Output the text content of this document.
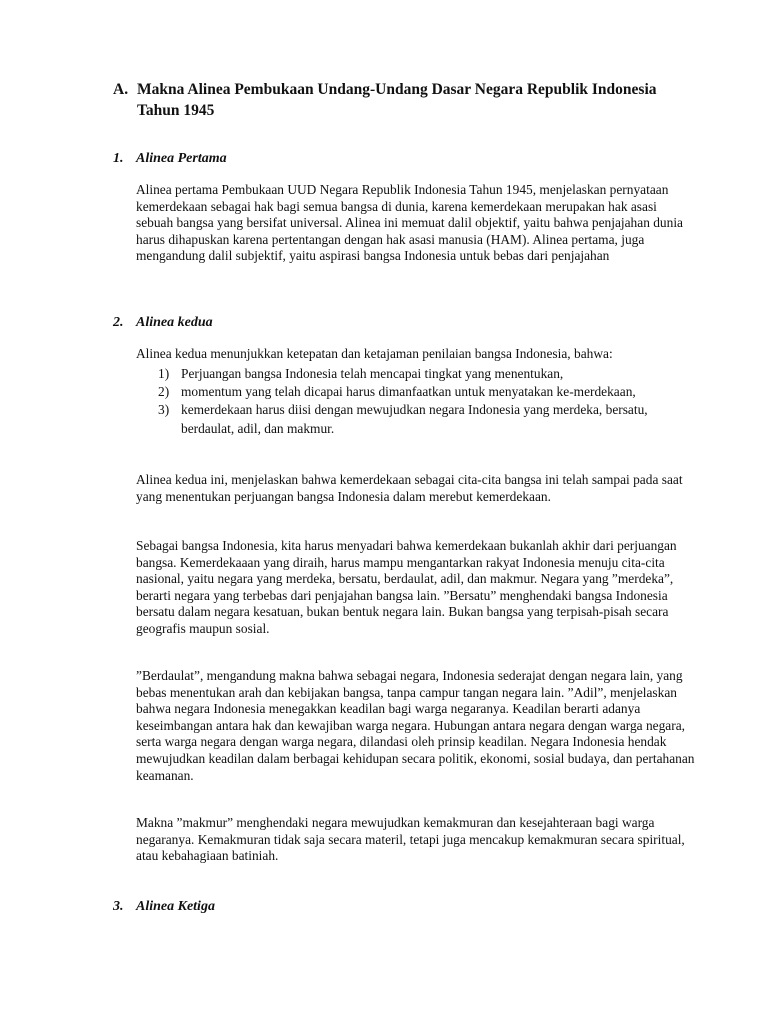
A. Makna Alinea Pembukaan Undang-Undang Dasar Negara Republik Indonesia Tahun 1945
1. Alinea Pertama

Alinea pertama Pembukaan UUD Negara Republik Indonesia Tahun 1945, menjelaskan pernyataan kemerdekaan sebagai hak bagi semua bangsa di dunia, karena kemerdekaan merupakan hak asasi sebuah bangsa yang bersifat universal. Alinea ini memuat dalil objektif, yaitu bahwa penjajahan dunia harus dihapuskan karena pertentangan dengan hak asasi manusia (HAM). Alinea pertama, juga mengandung dalil subjektif, yaitu aspirasi bangsa Indonesia untuk bebas dari penjajahan

2. Alinea kedua

Alinea kedua menunjukkan ketepatan dan ketajaman penilaian bangsa Indonesia, bahwa:

1) Perjuangan bangsa Indonesia telah mencapai tingkat yang menentukan,
2) momentum yang telah dicapai harus dimanfaatkan untuk menyatakan ke-merdekaan,
3) kemerdekaan harus diisi dengan mewujudkan negara Indonesia yang merdeka, bersatu, berdaulat, adil, dan makmur.

Alinea kedua ini, menjelaskan bahwa kemerdekaan sebagai cita-cita bangsa ini telah sampai pada saat yang menentukan perjuangan bangsa Indonesia dalam merebut kemerdekaan.

Sebagai bangsa Indonesia, kita harus menyadari bahwa kemerdekaan bukanlah akhir dari perjuangan bangsa. Kemerdekaaan yang diraih, harus mampu mengantarkan rakyat Indonesia menuju cita-cita nasional, yaitu negara yang merdeka, bersatu, berdaulat, adil, dan makmur. Negara yang ”merdeka”, berarti negara yang terbebas dari penjajahan bangsa lain. ”Bersatu” menghendaki bangsa Indonesia bersatu dalam negara kesatuan, bukan bentuk negara lain. Bukan bangsa yang terpisah-pisah secara geografis maupun sosial.

”Berdaulat”, mengandung makna bahwa sebagai negara, Indonesia sederajat dengan negara lain, yang bebas menentukan arah dan kebijakan bangsa, tanpa campur tangan negara lain. ”Adil”, menjelaskan bahwa negara Indonesia menegakkan keadilan bagi warga negaranya. Keadilan berarti adanya keseimbangan antara hak dan kewajiban warga negara. Hubungan antara negara dengan warga negara, serta warga negara dengan warga negara, dilandasi oleh prinsip keadilan. Negara Indonesia hendak mewujudkan keadilan dalam berbagai kehidupan secara politik, ekonomi, sosial budaya, dan pertahanan keamanan.

Makna ”makmur” menghendaki negara mewujudkan kemakmuran dan kesejahteraan bagi warga negaranya. Kemakmuran tidak saja secara materil, tetapi juga mencakup kemakmuran secara spiritual, atau kebahagiaan batiniah.

3. Alinea Ketiga
